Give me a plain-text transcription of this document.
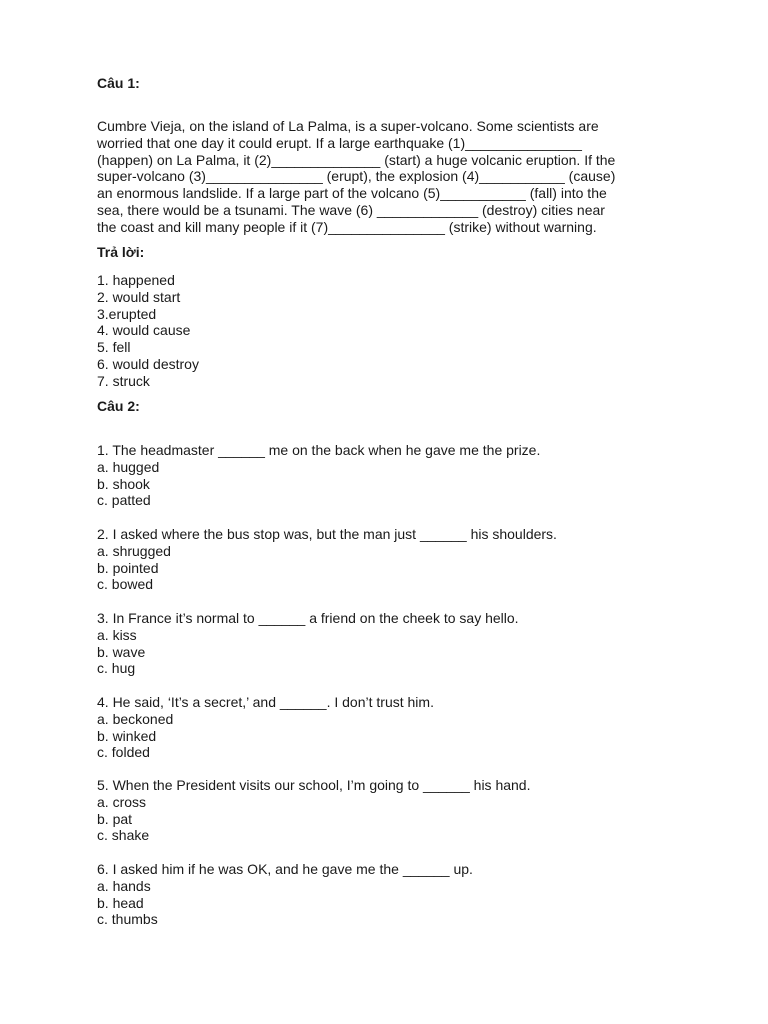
Câu 1:
Cumbre Vieja, on the island of La Palma, is a super-volcano. Some scientists are
worried that one day it could erupt. If a large earthquake (1)_______________
(happen) on La Palma, it (2)______________ (start) a huge volcanic eruption. If the
super-volcano (3)_______________ (erupt), the explosion (4)___________ (cause)
an enormous landslide. If a large part of the volcano (5)___________ (fall) into the
sea, there would be a tsunami. The wave (6) _____________ (destroy) cities near
the coast and kill many people if it (7)_______________ (strike) without warning.
Trả lời:
1. happened
2. would start
3.erupted
4. would cause
5. fell
6. would destroy
7. struck
Câu 2:
1. The headmaster ______ me on the back when he gave me the prize.
a. hugged
b. shook
c. patted
2. I asked where the bus stop was, but the man just ______ his shoulders.
a. shrugged
b. pointed
c. bowed
3. In France it’s normal to ______ a friend on the cheek to say hello.
a. kiss
b. wave
c. hug
4. He said, ‘It’s a secret,’ and ______. I don’t trust him.
a. beckoned
b. winked
c. folded
5. When the President visits our school, I’m going to ______ his hand.
a. cross
b. pat
c. shake
6. I asked him if he was OK, and he gave me the ______ up.
a. hands
b. head
c. thumbs
